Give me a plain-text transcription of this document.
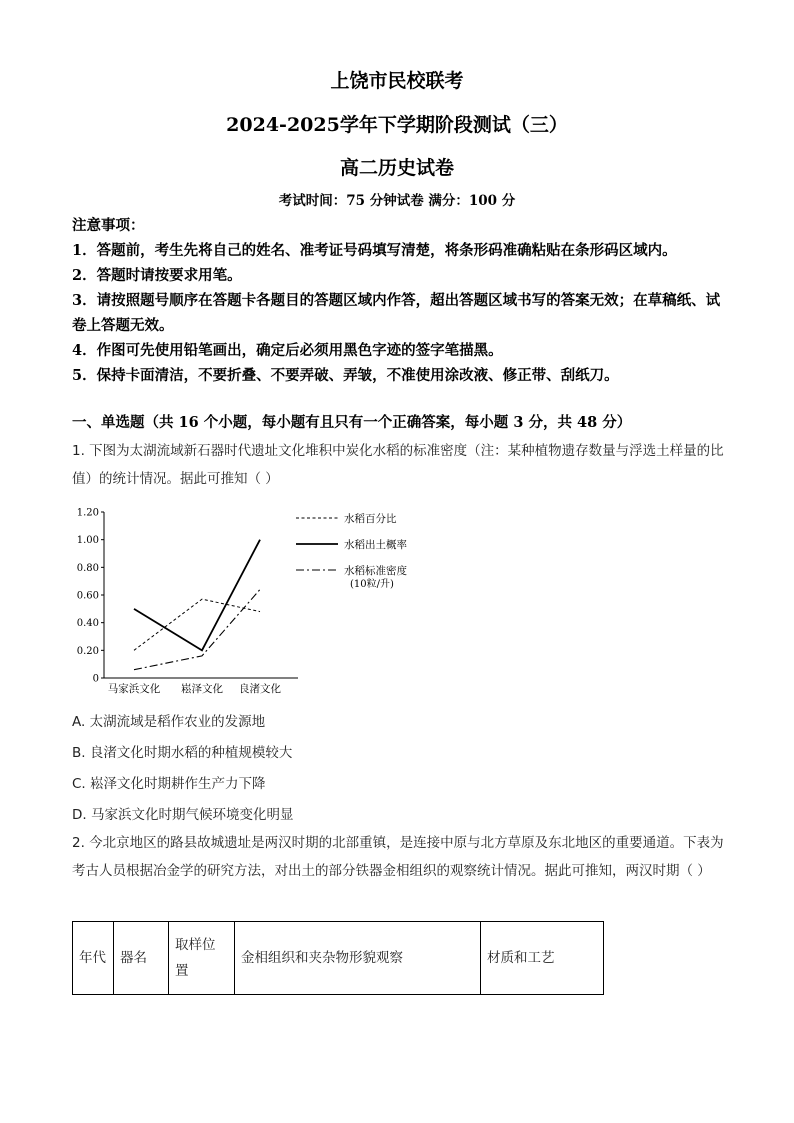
上饶市民校联考
2024-2025学年下学期阶段测试（三）
高二历史试卷
考试时间：75 分钟试卷 满分：100 分

注意事项：

1．答题前，考生先将自己的姓名、准考证号码填写清楚，将条形码准确粘贴在条形码区域内。

2．答题时请按要求用笔。

3．请按照题号顺序在答题卡各题目的答题区域内作答，超出答题区域书写的答案无效；在草稿纸、试卷上答题无效。

4．作图可先使用铅笔画出，确定后必须用黑色字迹的签字笔描黑。

5．保持卡面清洁，不要折叠、不要弄破、弄皱，不准使用涂改液、修正带、刮纸刀。

一、单选题（共 16 个小题，每小题有且只有一个正确答案，每小题 3 分，共 48 分）
1. 下图为太湖流域新石器时代遗址文化堆积中炭化水稻的标准密度（注：某种植物遗存数量与浮选土样量的比值）的统计情况。据此可推知（ ）
0
0.20
0.40
0.60
0.80
1.00
1.20
马家浜文化 崧泽文化 良渚文化
水稻百分比
水稻出土概率
水稻标准密度
(10粒/升)
A. 太湖流域是稻作农业的发源地
B. 良渚文化时期水稻的种植规模较大
C. 崧泽文化时期耕作生产力下降
D. 马家浜文化时期气候环境变化明显
2. 今北京地区的路县故城遗址是两汉时期的北部重镇，是连接中原与北方草原及东北地区的重要通道。下表为考古人员根据冶金学的研究方法，对出土的部分铁器金相组织的观察统计情况。据此可推知，两汉时期（ ）
年代	器名	取样位置	金相组织和夹杂物形貌观察	材质和工艺
